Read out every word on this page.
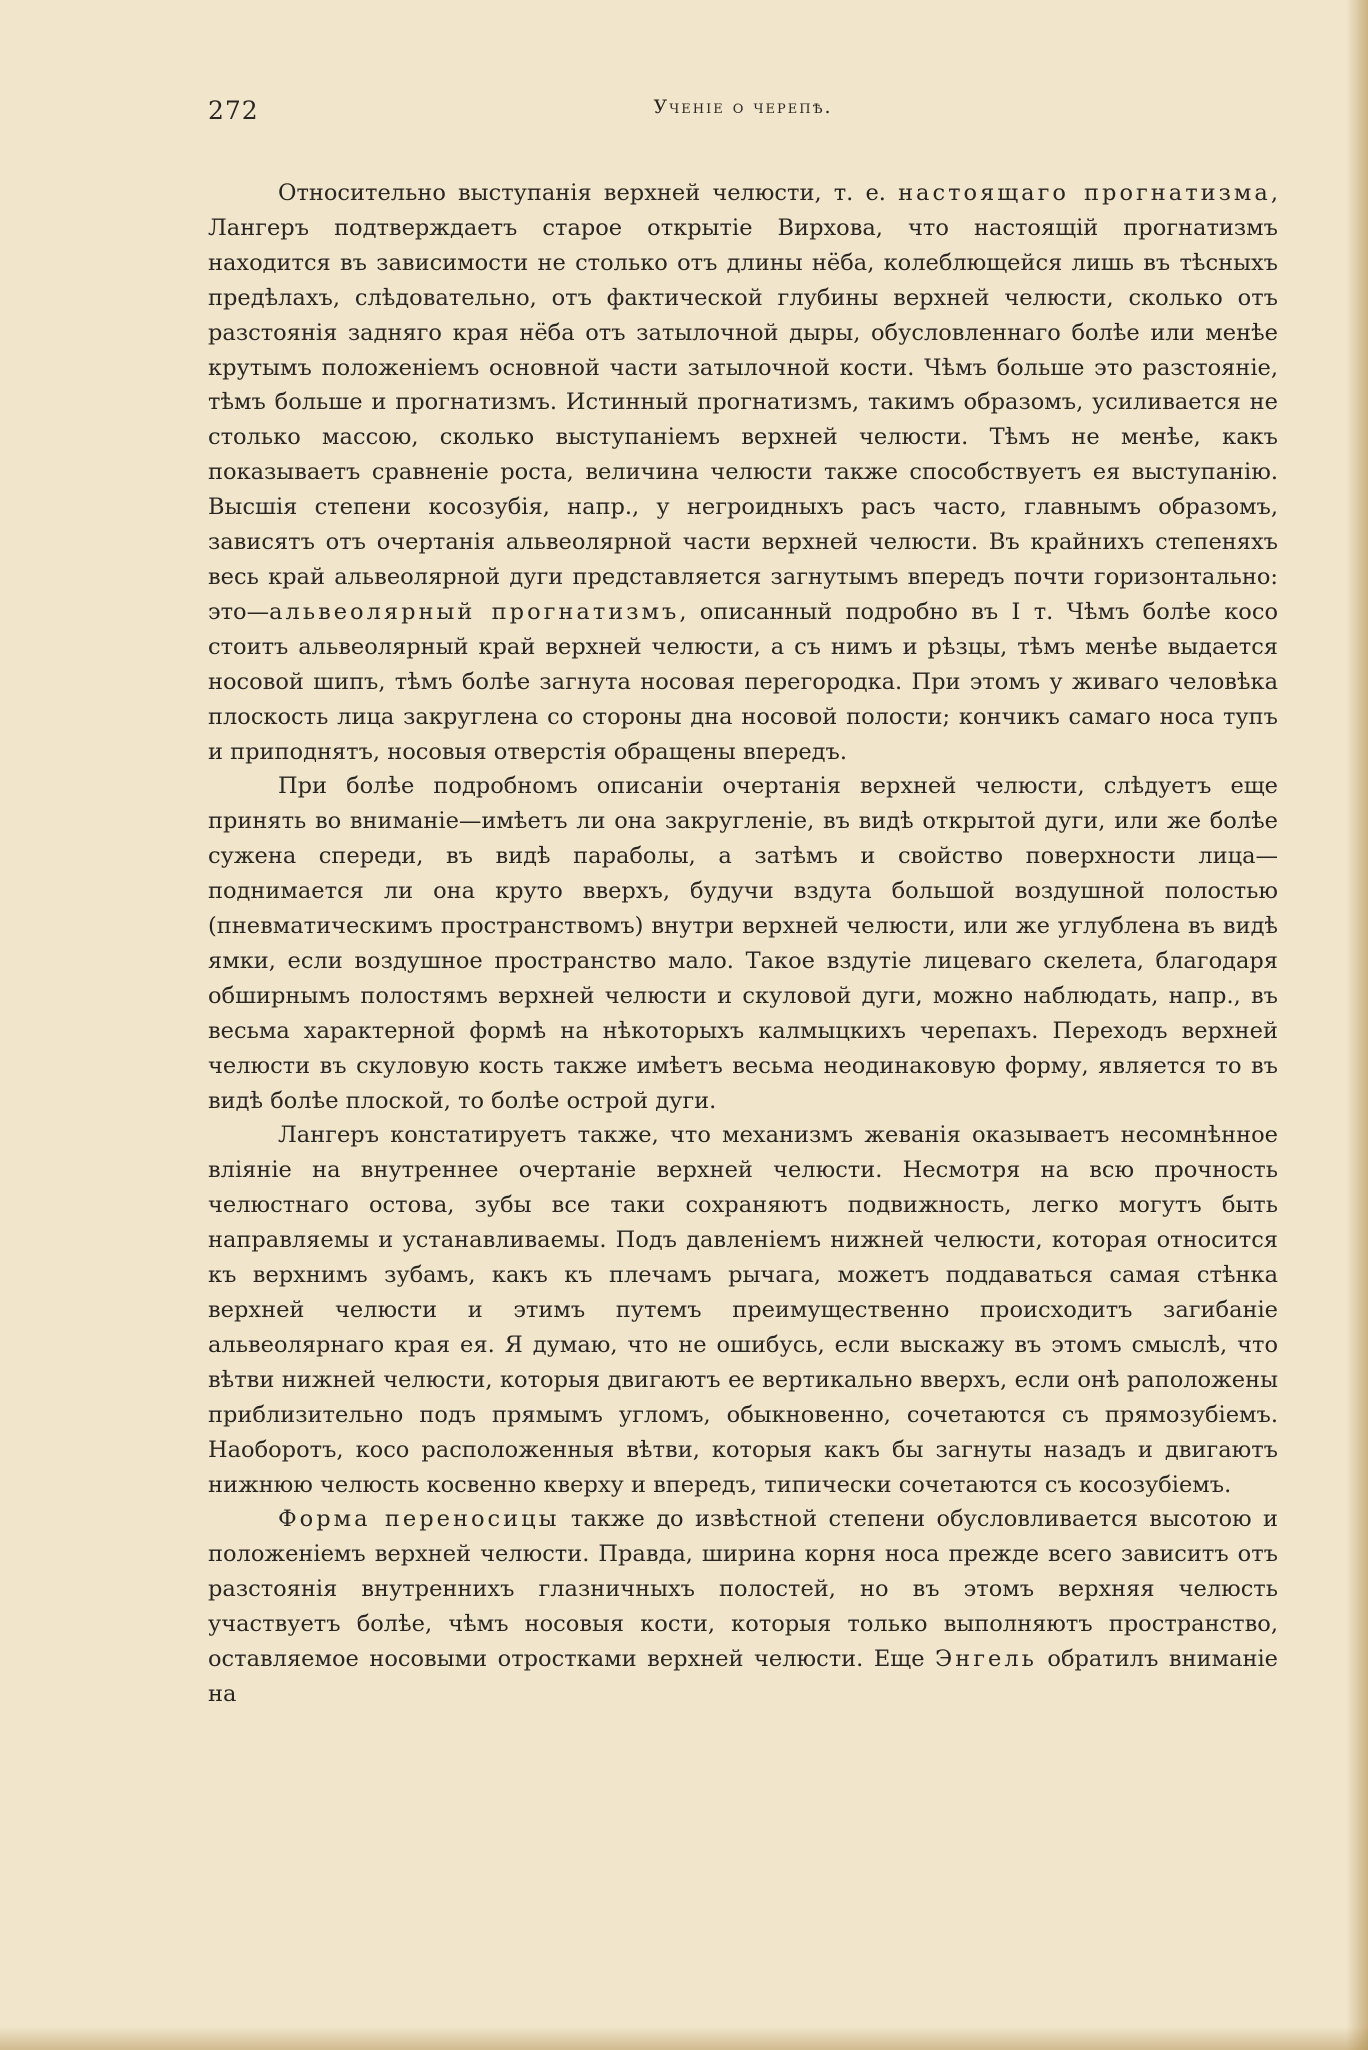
272	Ученіе о черепѣ.

Относительно выступанія верхней челюсти, т. е. настоящаго прогнатизма, Лангеръ подтверждаетъ старое открытіе Вирхова, что настоящій прогнатизмъ находится въ зависимости не столько отъ длины нёба, колеблющейся лишь въ тѣсныхъ предѣлахъ, слѣдовательно, отъ фактической глубины верхней челюсти, сколько отъ разстоянія задняго края нёба отъ затылочной дыры, обусловленнаго болѣе или менѣе крутымъ положеніемъ основной части затылочной кости. Чѣмъ больше это разстояніе, тѣмъ больше и прогнатизмъ. Истинный прогнатизмъ, такимъ образомъ, усиливается не столько массою, сколько выступаніемъ верхней челюсти. Тѣмъ не менѣе, какъ показываетъ сравненіе роста, величина челюсти также способствуетъ ея выступанію. Высшія степени косозубія, напр., у негроидныхъ расъ часто, главнымъ образомъ, зависятъ отъ очертанія альвеолярной части верхней челюсти. Въ крайнихъ степеняхъ весь край альвеолярной дуги представляется загнутымъ впередъ почти горизонтально: это—альвеолярный прогнатизмъ, описанный подробно въ I т. Чѣмъ болѣе косо стоитъ альвеолярный край верхней челюсти, а съ нимъ и рѣзцы, тѣмъ менѣе выдается носовой шипъ, тѣмъ болѣе загнута носовая перегородка. При этомъ у живаго человѣка плоскость лица закруглена со стороны дна носовой полости; кончикъ самаго носа тупъ и приподнятъ, носовыя отверстія обращены впередъ.

При болѣе подробномъ описаніи очертанія верхней челюсти, слѣдуетъ еще принять во вниманіе—имѣетъ ли она закругленіе, въ видѣ открытой дуги, или же болѣе сужена спереди, въ видѣ параболы, а затѣмъ и свойство поверхности лица—поднимается ли она круто вверхъ, будучи вздута большой воздушной полостью (пневматическимъ пространствомъ) внутри верхней челюсти, или же углублена въ видѣ ямки, если воздушное пространство мало. Такое вздутіе лицеваго скелета, благодаря обширнымъ полостямъ верхней челюсти и скуловой дуги, можно наблюдать, напр., въ весьма характерной формѣ на нѣкоторыхъ калмыцкихъ черепахъ. Переходъ верхней челюсти въ скуловую кость также имѣетъ весьма неодинаковую форму, является то въ видѣ болѣе плоской, то болѣе острой дуги.

Лангеръ констатируетъ также, что механизмъ жеванія оказываетъ несомнѣнное вліяніе на внутреннее очертаніе верхней челюсти. Несмотря на всю прочность челюстнаго остова, зубы все таки сохраняютъ подвижность, легко могутъ быть направляемы и устанавливаемы. Подъ давленіемъ нижней челюсти, которая относится къ верхнимъ зубамъ, какъ къ плечамъ рычага, можетъ поддаваться самая стѣнка верхней челюсти и этимъ путемъ преимущественно происходитъ загибаніе альвеолярнаго края ея. Я думаю, что не ошибусь, если выскажу въ этомъ смыслѣ, что вѣтви нижней челюсти, которыя двигаютъ ее вертикально вверхъ, если онѣ раположены приблизительно подъ прямымъ угломъ, обыкновенно, сочетаются съ прямозубіемъ. Наоборотъ, косо расположенныя вѣтви, которыя какъ бы загнуты назадъ и двигаютъ нижнюю челюсть косвенно кверху и впередъ, типически сочетаются съ косозубіемъ.

Форма переносицы также до извѣстной степени обусловливается высотою и положеніемъ верхней челюсти. Правда, ширина корня носа прежде всего зависитъ отъ разстоянія внутреннихъ глазничныхъ полостей, но въ этомъ верхняя челюсть участвуетъ болѣе, чѣмъ носовыя кости, которыя только выполняютъ пространство, оставляемое носовыми отростками верхней челюсти. Еще Энгель обратилъ вниманіе на
